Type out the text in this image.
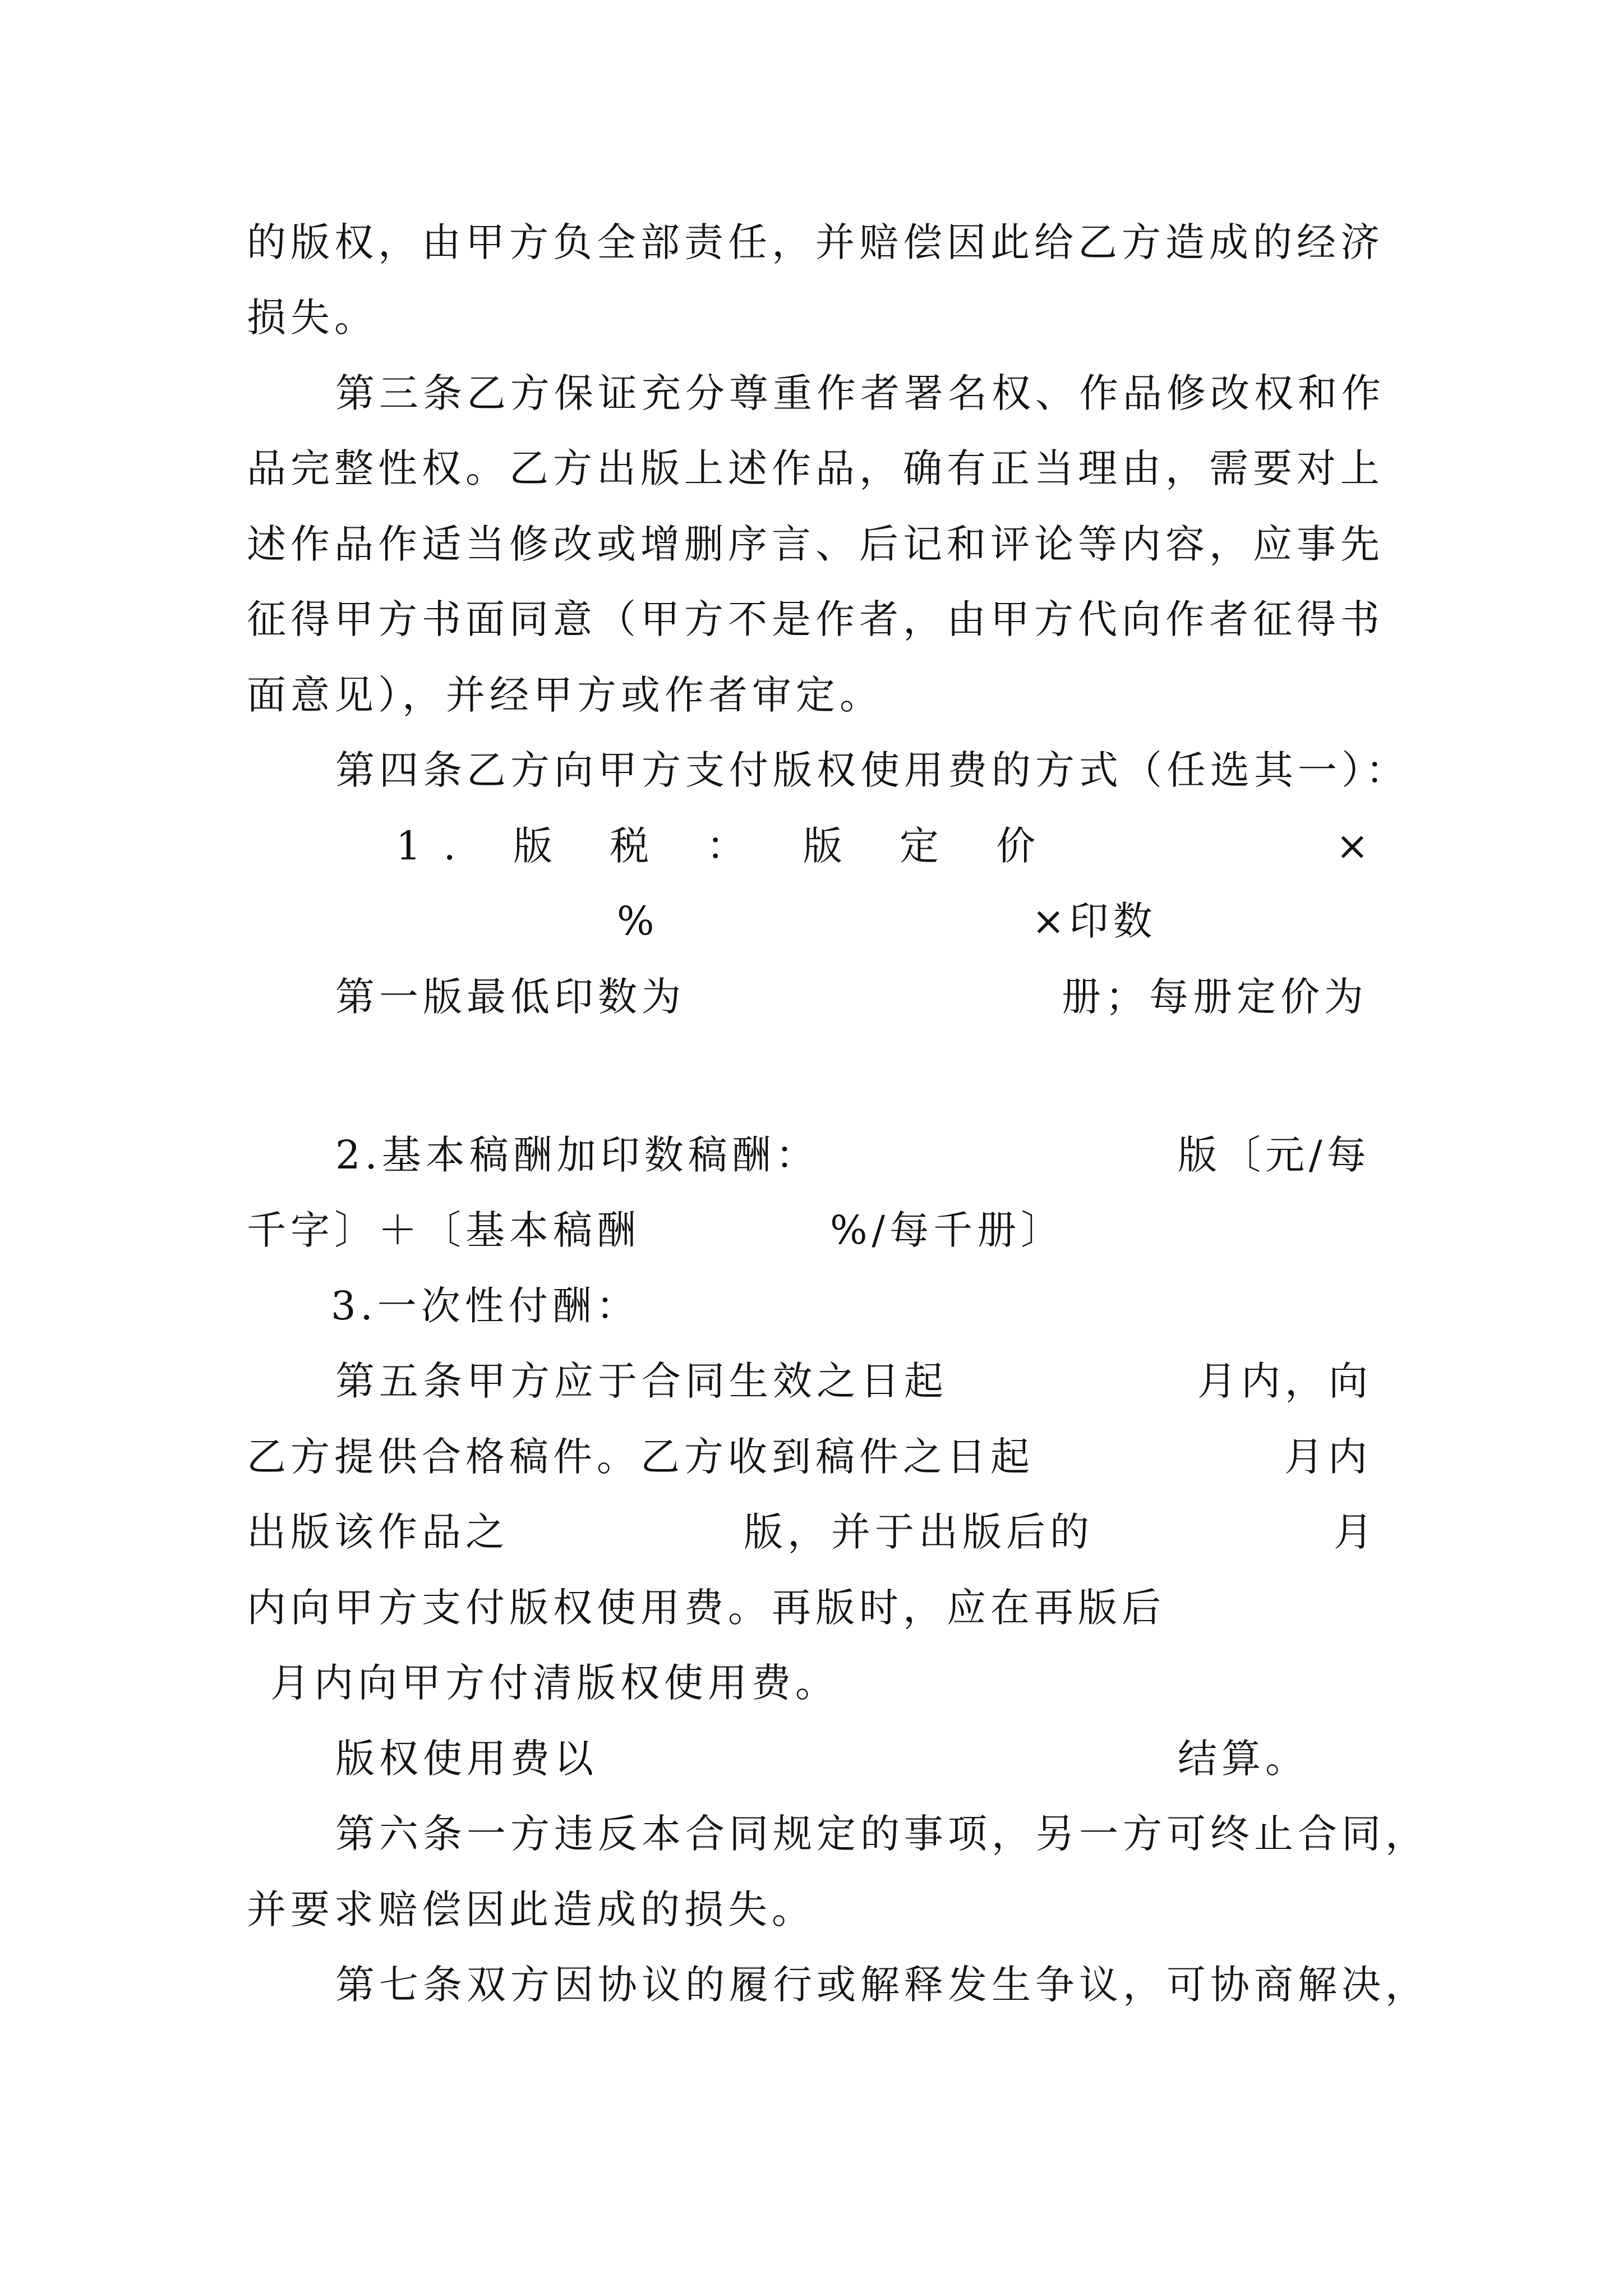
的版权，由甲方负全部责任，并赔偿因此给乙方造成的经济
损失。
第三条乙方保证充分尊重作者署名权、作品修改权和作
品完整性权。乙方出版上述作品，确有正当理由，需要对上
述作品作适当修改或增删序言、后记和评论等内容，应事先
征得甲方书面同意（甲方不是作者，由甲方代向作者征得书
面意见），并经甲方或作者审定。
第四条乙方向甲方支付版权使用费的方式（任选其一）：
1. 版 税 ： 版 定 价	×
%	×印数
第一版最低印数为	册；每册定价为
2.基本稿酬加印数稿酬：	版〔元/每
千字〕＋〔基本稿酬	%/每千册〕
3.一次性付酬：
第五条甲方应于合同生效之日起	月内，向
乙方提供合格稿件。乙方收到稿件之日起	月内
出版该作品之	版，并于出版后的	月
内向甲方支付版权使用费。再版时，应在再版后
月内向甲方付清版权使用费。
版权使用费以	结算。
第六条一方违反本合同规定的事项，另一方可终止合同，
并要求赔偿因此造成的损失。
第七条双方因协议的履行或解释发生争议，可协商解决，
